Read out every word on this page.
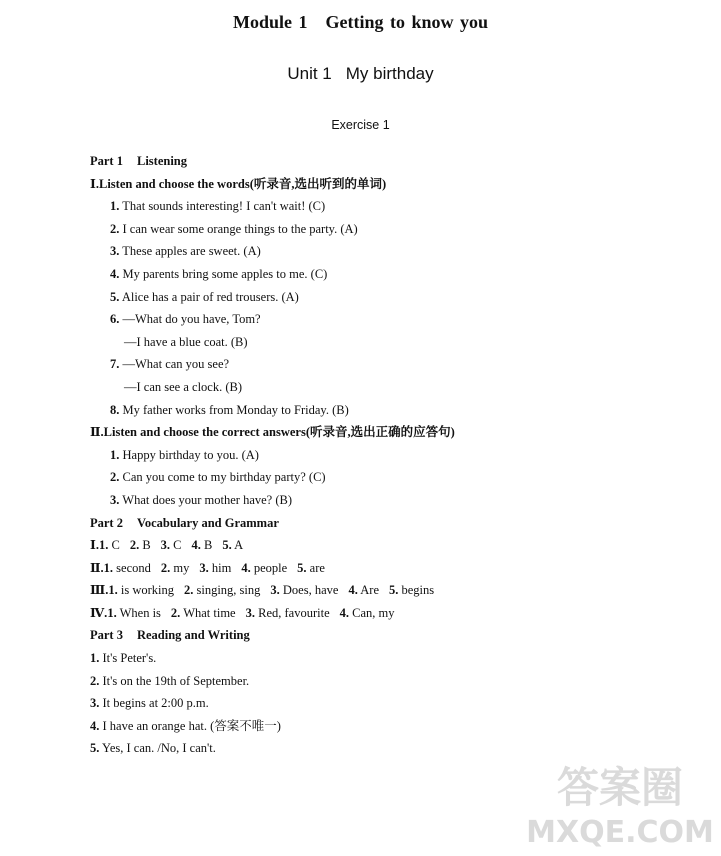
Module 1 Getting to know you
Unit 1 My birthday
Exercise 1
Part 1 Listening
Ⅰ.Listen and choose the words(听录音,选出听到的单词)
1. That sounds interesting! I can't wait! (C)
2. I can wear some orange things to the party. (A)
3. These apples are sweet. (A)
4. My parents bring some apples to me. (C)
5. Alice has a pair of red trousers. (A)
6. —What do you have, Tom?
—I have a blue coat. (B)
7. —What can you see?
—I can see a clock. (B)
8. My father works from Monday to Friday. (B)
Ⅱ.Listen and choose the correct answers(听录音,选出正确的应答句)
1. Happy birthday to you. (A)
2. Can you come to my birthday party? (C)
3. What does your mother have? (B)
Part 2 Vocabulary and Grammar
Ⅰ.1. C 2. B 3. C 4. B 5. A
Ⅱ.1. second 2. my 3. him 4. people 5. are
Ⅲ.1. is working 2. singing, sing 3. Does, have 4. Are 5. begins
Ⅳ.1. When is 2. What time 3. Red, favourite 4. Can, my
Part 3 Reading and Writing
1. It's Peter's.
2. It's on the 19th of September.
3. It begins at 2:00 p.m.
4. I have an orange hat. (答案不唯一)
5. Yes, I can. /No, I can't.
答案圈
MXQE.COM
